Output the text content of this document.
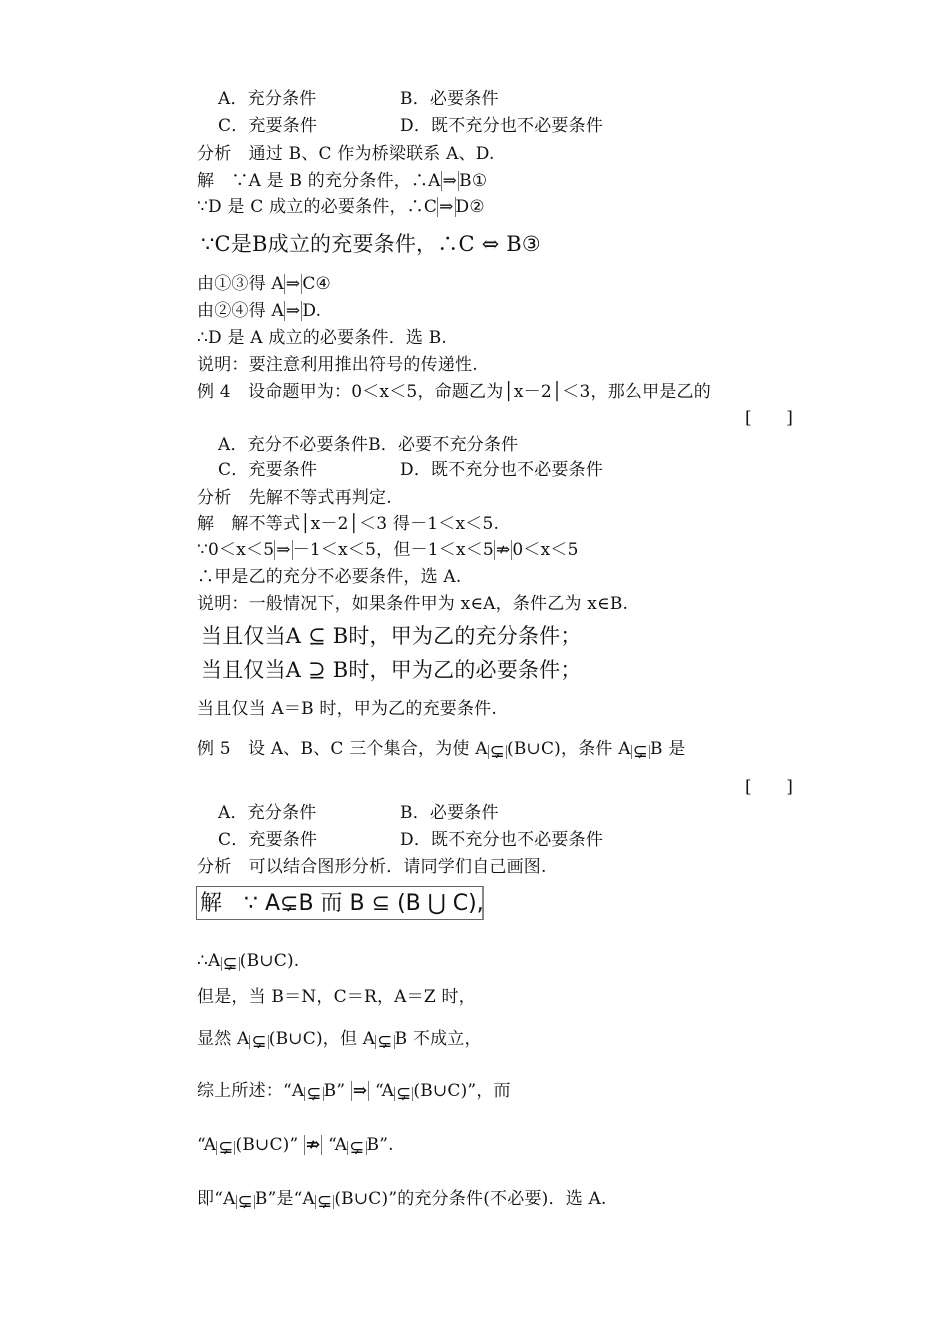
A．充分条件	B．必要条件
C．充要条件	D．既不充分也不必要条件
分析　通过 B、C 作为桥梁联系 A、D.
解　∵A 是 B 的充分条件，∴A ⇒ B①
∵D 是 C 成立的必要条件，∴C ⇒ D②
∵C是B成立的充要条件，∴C ⇔ B③
由①③得 A ⇒ C④
由②④得 A ⇒ D.
∴D 是 A 成立的必要条件．选 B.
说明：要注意利用推出符号的传递性.
例 4　设命题甲为：0＜x＜5，命题乙为│x－2│＜3，那么甲是乙的
[　　]
A．充分不必要条件B．必要不充分条件
C．充要条件	D．既不充分也不必要条件
分析　先解不等式再判定.
解　解不等式│x－2│＜3 得－1＜x＜5.
∵0＜x＜5 ⇒ －1＜x＜5，但－1＜x＜5 ⇏ 0＜x＜5
∴甲是乙的充分不必要条件，选 A.
说明：一般情况下，如果条件甲为 x∈A，条件乙为 x∈B.
当且仅当A ⊆ B时，甲为乙的充分条件；
当且仅当A ⊇ B时，甲为乙的必要条件；
当且仅当 A＝B 时，甲为乙的充要条件.
例 5　设 A、B、C 三个集合，为使 A ⊊ (B∪C)，条件 A ⊊ B 是
[　　]
A．充分条件	B．必要条件
C．充要条件	D．既不充分也不必要条件
分析　可以结合图形分析．请同学们自己画图.
解　∵ A⊊B 而 B ⊆ (B ⋃ C),
∴A ⊊ (B∪C).
但是，当 B＝N，C＝R，A＝Z 时，
显然 A ⊊ (B∪C)，但 A ⊊ B 不成立，
综上所述：“A ⊊ B” ⇒ “A ⊊ (B∪C)”，而
“A ⊊ (B∪C)” ⇏ “A ⊊ B”.
即“A ⊊ B”是“A ⊊ (B∪C)”的充分条件(不必要)．选 A.
